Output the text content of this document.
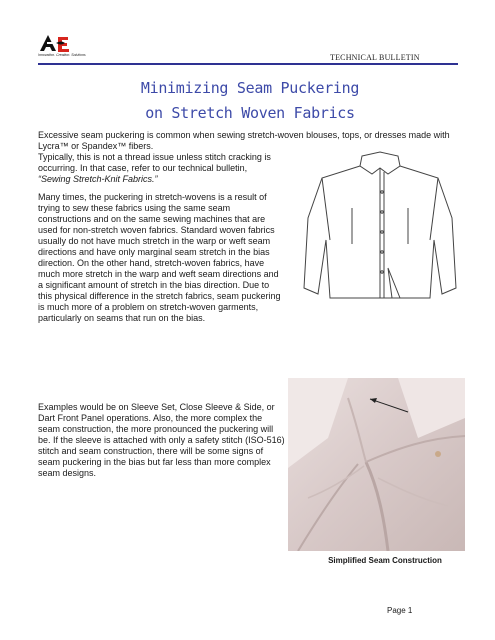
Innovation. Creation. Solutions	TECHNICAL BULLETIN
Minimizing Seam Puckering
on Stretch Woven Fabrics
Excessive seam puckering is common when sewing stretch-woven blouses, tops, or dresses made with Lycra™ or Spandex™ fibers.
Typically, this is not a thread issue unless stitch cracking is occurring. In that case, refer to our technical bulletin, “Sewing Stretch-Knit Fabrics.”
Many times, the puckering in stretch-wovens is a result of trying to sew these fabrics using the same seam constructions and on the same sewing machines that are used for non-stretch woven fabrics. Standard woven fabrics usually do not have much stretch in the warp or weft seam directions and have only marginal seam stretch in the bias direction. On the other hand, stretch-woven fabrics, have much more stretch in the warp and weft seam directions and a significant amount of stretch in the bias direction. Due to this physical difference in the stretch fabrics, seam puckering is much more of a problem on stretch-woven garments, particularly on seams that run on the bias.
Examples would be on Sleeve Set, Close Sleeve & Side, or Dart Front Panel operations. Also, the more complex the seam construction, the more pronounced the puckering will be. If the sleeve is attached with only a safety stitch (ISO-516) stitch and seam construction, there will be some signs of seam puckering in the bias but far less than more complex seam designs.
Simplified Seam Construction
Page 1
